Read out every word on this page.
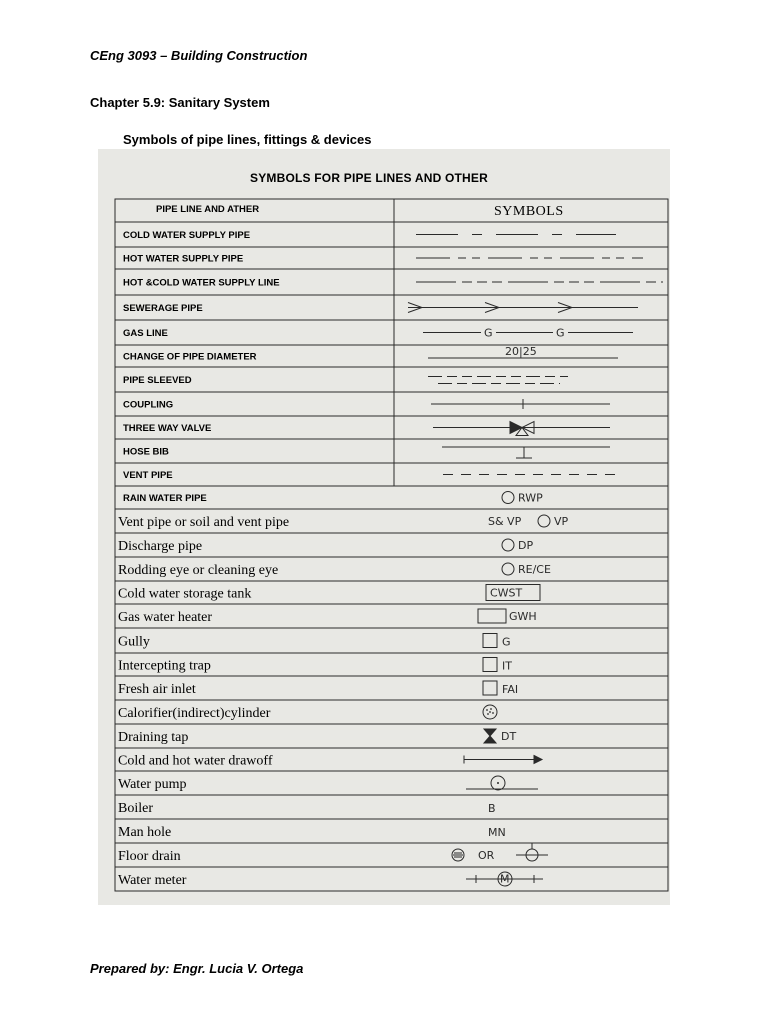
CEng 3093 – Building Construction
Chapter 5.9: Sanitary System
Symbols of pipe lines, fittings & devices
SYMBOLS FOR PIPE LINES AND OTHER
PIPE LINE AND ATHER	SYMBOLS
COLD WATER SUPPLY PIPE
HOT WATER SUPPLY PIPE
HOT &COLD WATER SUPPLY LINE
SEWERAGE PIPE
GAS LINE	G	G
CHANGE OF PIPE DIAMETER	20|25
PIPE SLEEVED
COUPLING
THREE WAY VALVE
HOSE BIB
VENT PIPE
RAIN WATER PIPE	RWP
Vent pipe or soil and vent pipe	S& VP	VP
Discharge pipe	DP
Rodding eye or cleaning eye	RE/CE
Cold water storage tank	CWST
Gas water heater	GWH
Gully	G
Intercepting trap	IT
Fresh air inlet	FAI
Calorifier(indirect)cylinder
Draining tap	DT
Cold and hot water drawoff
Water pump
Boiler	B
Man hole	MN
Floor drain	OR
Water meter	M
Prepared by: Engr. Lucia V. Ortega
